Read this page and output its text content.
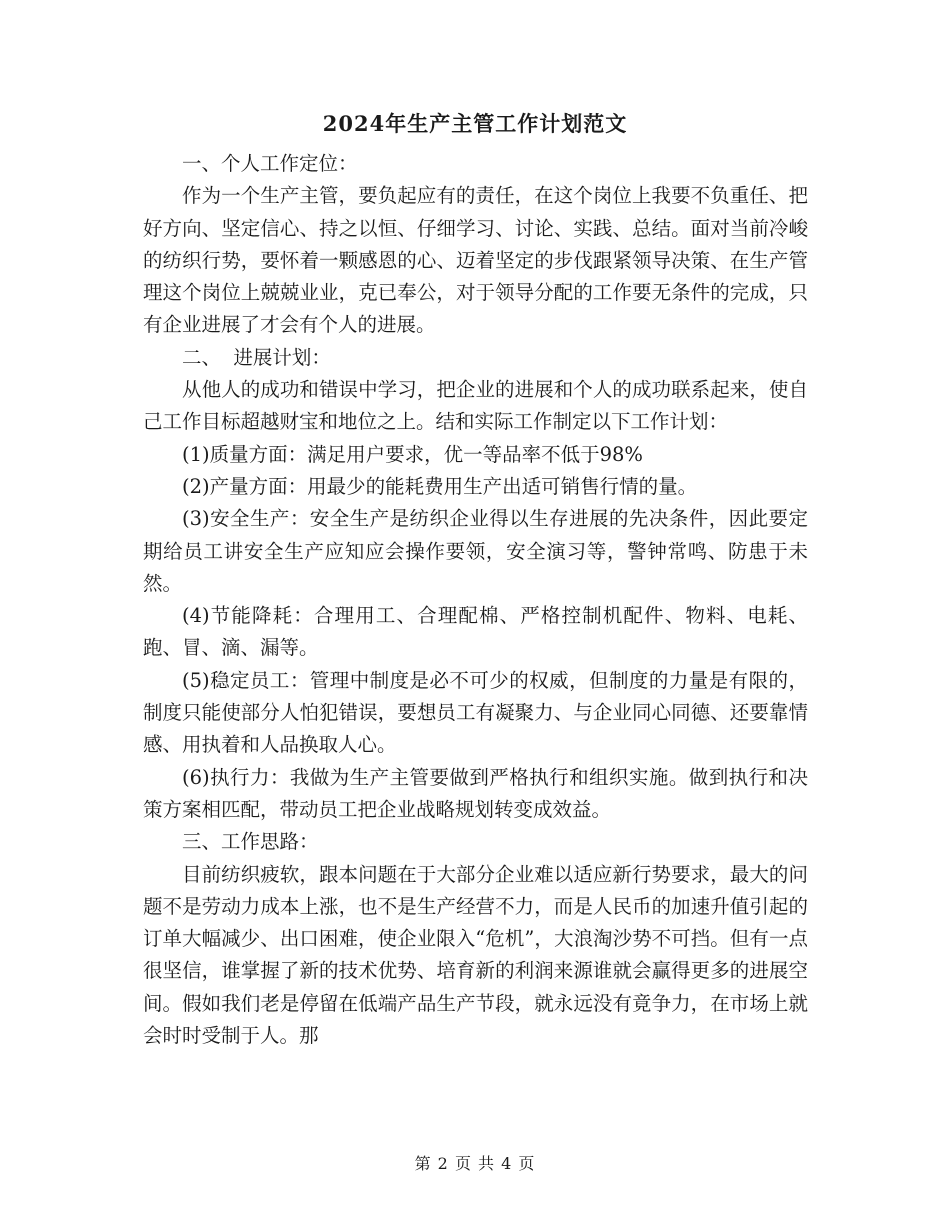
2024年生产主管工作计划范文

一、个人工作定位：

作为一个生产主管，要负起应有的责任，在这个岗位上我要不负重任、把好方向、坚定信心、持之以恒、仔细学习、讨论、实践、总结。面对当前冷峻的纺织行势，要怀着一颗感恩的心、迈着坚定的步伐跟紧领导决策、在生产管理这个岗位上兢兢业业，克已奉公，对于领导分配的工作要无条件的完成，只有企业进展了才会有个人的进展。

二、  进展计划：

从他人的成功和错误中学习，把企业的进展和个人的成功联系起来，使自己工作目标超越财宝和地位之上。结和实际工作制定以下工作计划：

(1)质量方面：满足用户要求，优一等品率不低于98%

(2)产量方面：用最少的能耗费用生产出适可销售行情的量。

(3)安全生产：安全生产是纺织企业得以生存进展的先决条件，因此要定期给员工讲安全生产应知应会操作要领，安全演习等，警钟常鸣、防患于未然。

(4)节能降耗：合理用工、合理配棉、严格控制机配件、物料、电耗、跑、冒、滴、漏等。

(5)稳定员工：管理中制度是必不可少的权威，但制度的力量是有限的，制度只能使部分人怕犯错误，要想员工有凝聚力、与企业同心同德、还要靠情感、用执着和人品换取人心。

(6)执行力：我做为生产主管要做到严格执行和组织实施。做到执行和决策方案相匹配，带动员工把企业战略规划转变成效益。

三、工作思路：

目前纺织疲软，跟本问题在于大部分企业难以适应新行势要求，最大的问题不是劳动力成本上涨，也不是生产经营不力，而是人民币的加速升值引起的订单大幅减少、出口困难，使企业限入“危机”，大浪淘沙势不可挡。但有一点很坚信，谁掌握了新的技术优势、培育新的利润来源谁就会赢得更多的进展空间。假如我们老是停留在低端产品生产节段，就永远没有竟争力，在市场上就会时时受制于人。那

第 2 页 共 4 页
